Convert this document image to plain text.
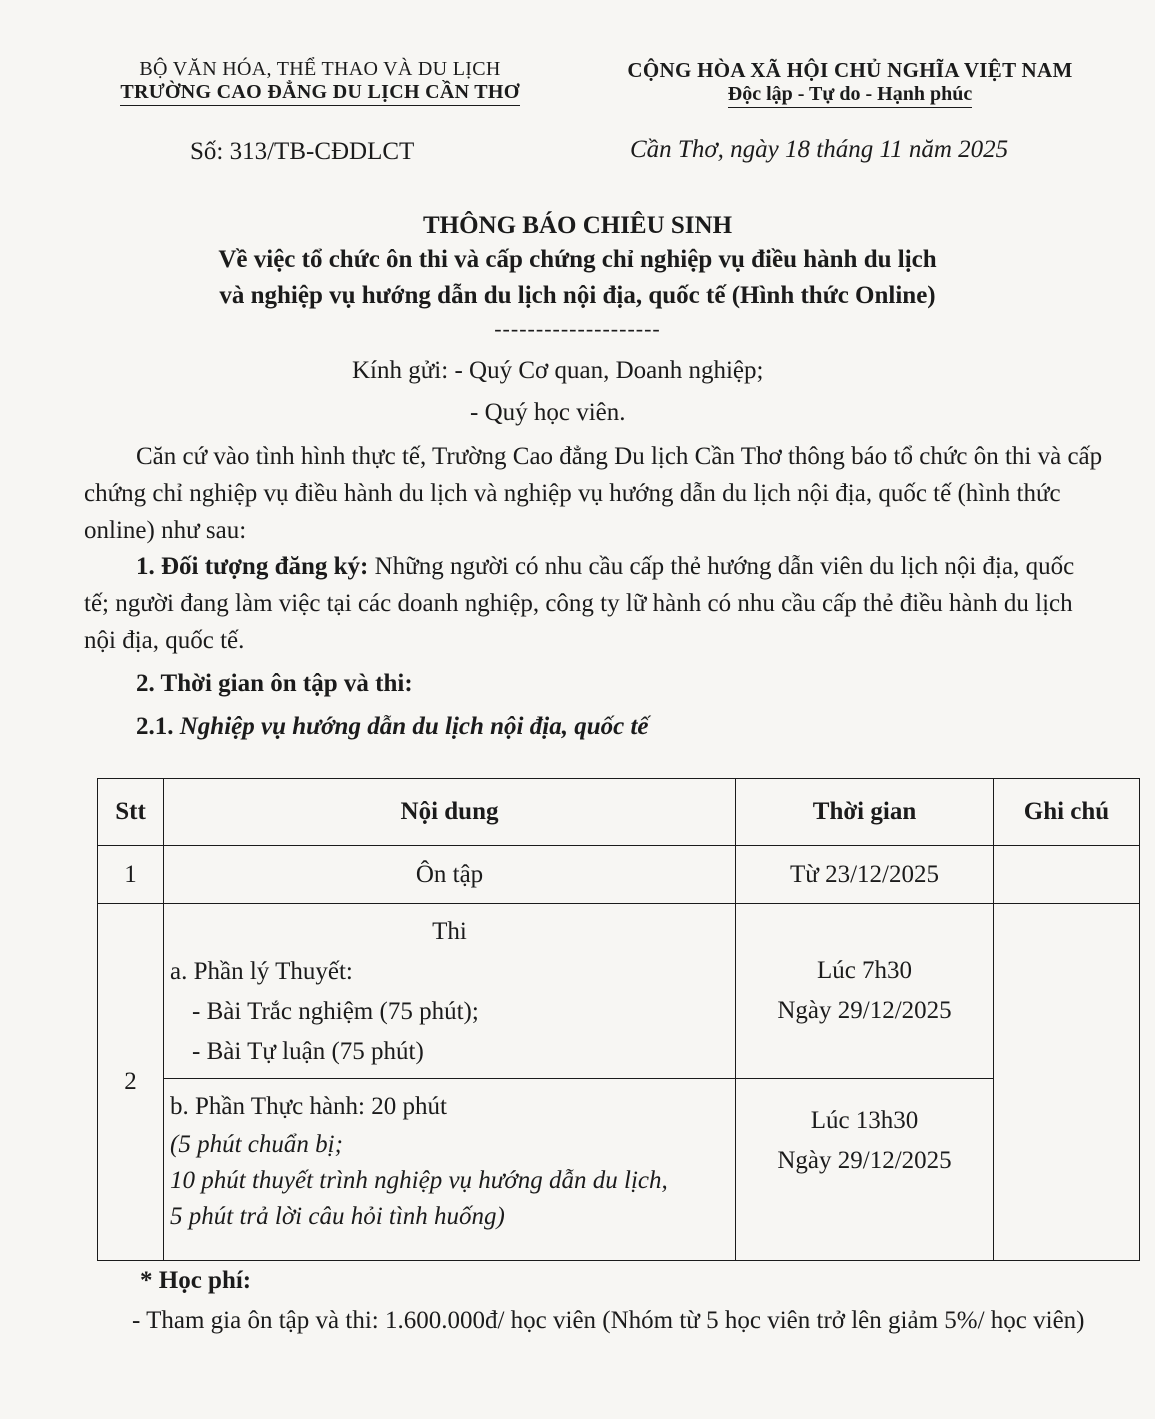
BỘ VĂN HÓA, THỂ THAO VÀ DU LỊCH
TRƯỜNG CAO ĐẲNG DU LỊCH CẦN THƠ
CỘNG HÒA XÃ HỘI CHỦ NGHĨA VIỆT NAM
Độc lập - Tự do - Hạnh phúc
Số: 313/TB-CĐDLCT	Cần Thơ, ngày 18 tháng 11 năm 2025
THÔNG BÁO CHIÊU SINH
Về việc tổ chức ôn thi và cấp chứng chỉ nghiệp vụ điều hành du lịch
và nghiệp vụ hướng dẫn du lịch nội địa, quốc tế (Hình thức Online)
--------------------
Kính gửi: - Quý Cơ quan, Doanh nghiệp;
- Quý học viên.
Căn cứ vào tình hình thực tế, Trường Cao đẳng Du lịch Cần Thơ thông báo tổ chức ôn thi và cấp chứng chỉ nghiệp vụ điều hành du lịch và nghiệp vụ hướng dẫn du lịch nội địa, quốc tế (hình thức online) như sau:
1. Đối tượng đăng ký: Những người có nhu cầu cấp thẻ hướng dẫn viên du lịch nội địa, quốc tế; người đang làm việc tại các doanh nghiệp, công ty lữ hành có nhu cầu cấp thẻ điều hành du lịch nội địa, quốc tế.
2. Thời gian ôn tập và thi:
2.1. Nghiệp vụ hướng dẫn du lịch nội địa, quốc tế
Stt	Nội dung	Thời gian	Ghi chú
1	Ôn tập	Từ 23/12/2025	
2	Thi
a. Phần lý Thuyết:
- Bài Trắc nghiệm (75 phút);
- Bài Tự luận (75 phút)	Lúc 7h30
Ngày 29/12/2025	

	b. Phần Thực hành: 20 phút
(5 phút chuẩn bị;
10 phút thuyết trình nghiệp vụ hướng dẫn du lịch,
5 phút trả lời câu hỏi tình huống)	Lúc 13h30
Ngày 29/12/2025	
* Học phí:
- Tham gia ôn tập và thi: 1.600.000đ/ học viên (Nhóm từ 5 học viên trở lên giảm 5%/ học viên)
